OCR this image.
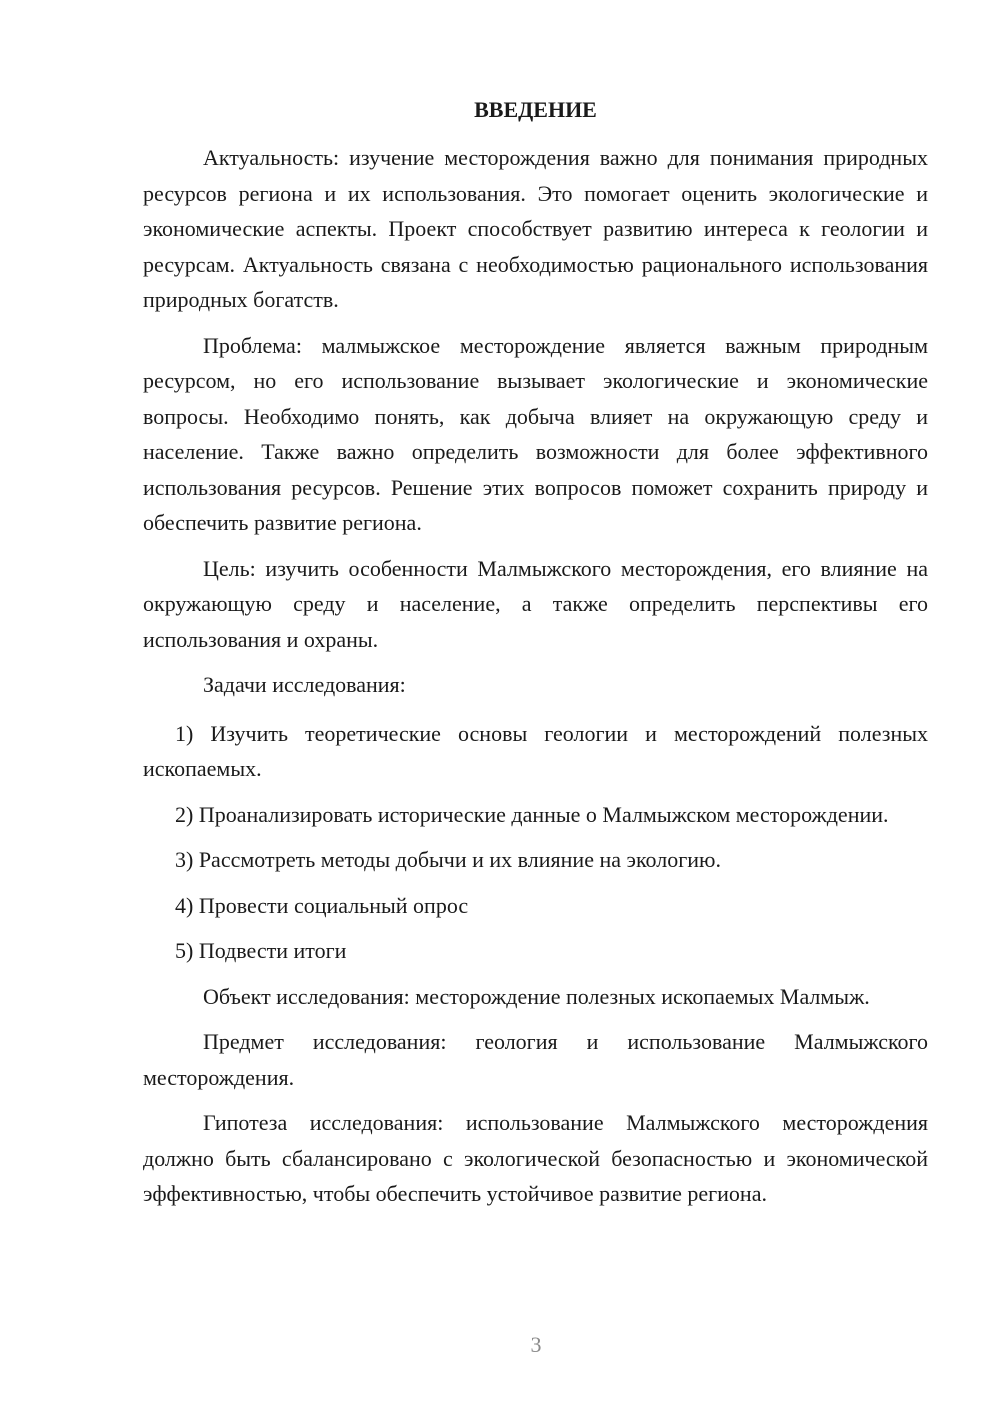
ВВЕДЕНИЕ

Актуальность: изучение месторождения важно для понимания природных ресурсов региона и их использования. Это помогает оценить экологические и экономические аспекты. Проект способствует развитию интереса к геологии и ресурсам. Актуальность связана с необходимостью рационального использования природных богатств.

Проблема: малмыжское месторождение является важным природным ресурсом, но его использование вызывает экологические и экономические вопросы. Необходимо понять, как добыча влияет на окружающую среду и население. Также важно определить возможности для более эффективного использования ресурсов. Решение этих вопросов поможет сохранить природу и обеспечить развитие региона.

Цель: изучить особенности Малмыжского месторождения, его влияние на окружающую среду и население, а также определить перспективы его использования и охраны.

Задачи исследования:

1) Изучить теоретические основы геологии и месторождений полезных ископаемых.

2) Проанализировать исторические данные о Малмыжском месторождении.

3) Рассмотреть методы добычи и их влияние на экологию.

4) Провести социальный опрос

5) Подвести итоги

Объект исследования: месторождение полезных ископаемых Малмыж.

Предмет исследования: геология и использование Малмыжского месторождения.

Гипотеза исследования: использование Малмыжского месторождения должно быть сбалансировано с экологической безопасностью и экономической эффективностью, чтобы обеспечить устойчивое развитие региона.

3
